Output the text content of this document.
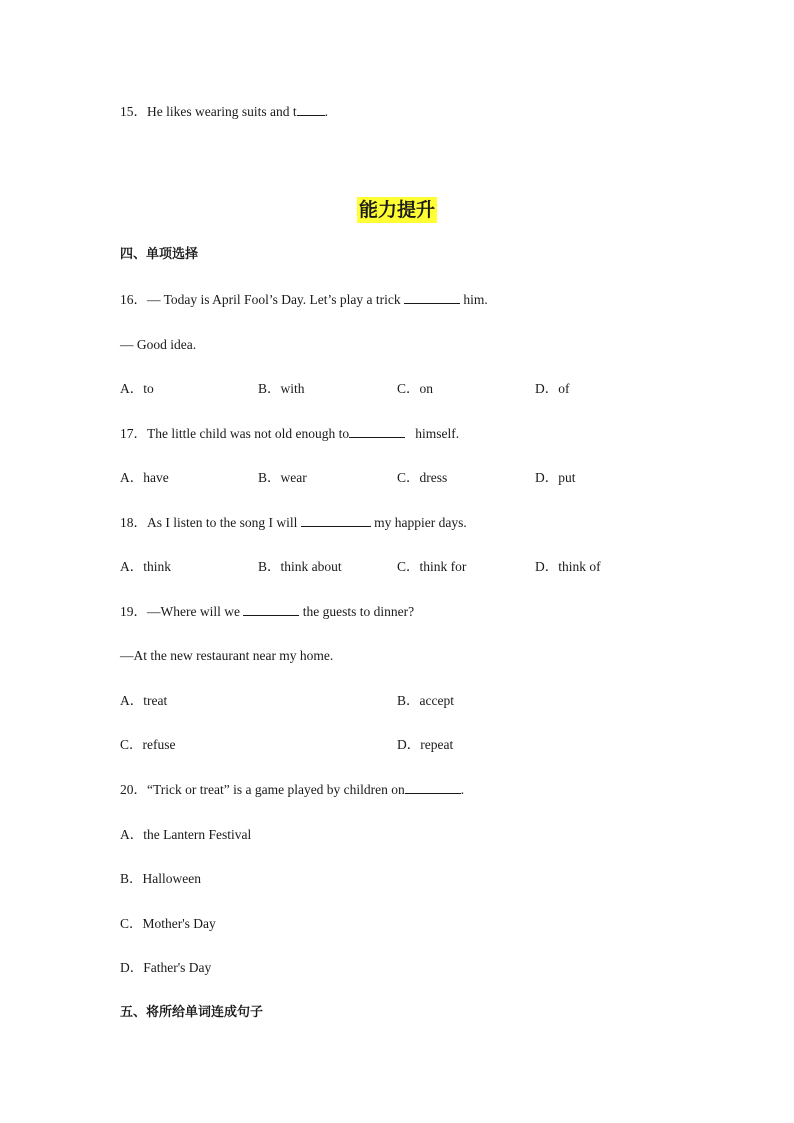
15．He likes wearing suits and t .
能力提升
四、单项选择
16．— Today is April Fool’s Day. Let’s play a trick	him.
— Good idea.
A．to	B．with	C．on	D．of
17．The little child was not old enough to	himself.
A．have	B．wear	C．dress	D．put
18．As I listen to the song I will	my happier days.
A．think	B．think about	C．think for	D．think of
19．—Where will we	the guests to dinner?
—At the new restaurant near my home.
A．treat	B．accept
C．refuse	D．repeat
20．“Trick or treat” is a game played by children on	.
A．the Lantern Festival
B．Halloween
C．Mother's Day
D．Father's Day
五、将所给单词连成句子
